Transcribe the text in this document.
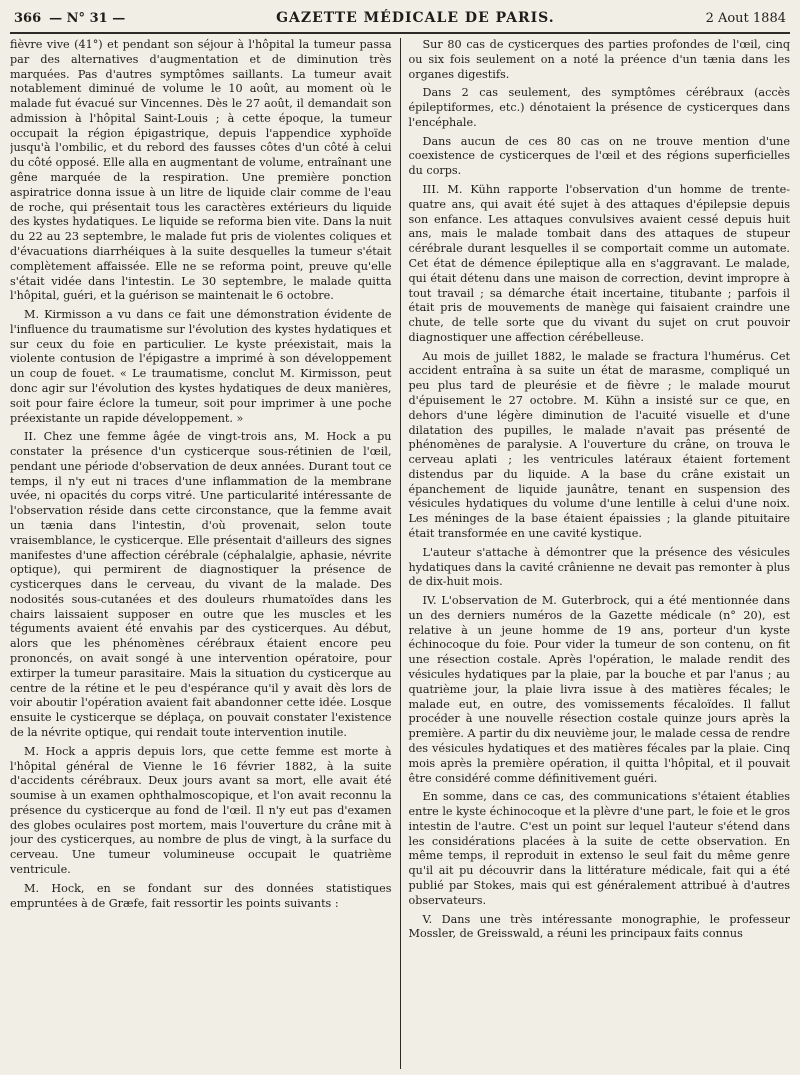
366 — N° 31 —	GAZETTE MÉDICALE DE PARIS.	2 Aout 1884

fièvre vive (41°) et pendant son séjour à l'hôpital la tumeur passa par des alternatives d'augmentation et de diminution très marquées. Pas d'autres symptômes saillants. La tumeur avait notablement diminué de volume le 10 août, au moment où le malade fut évacué sur Vincennes. Dès le 27 août, il demandait son admission à l'hôpital Saint-Louis ; à cette époque, la tumeur occupait la région épigastrique, depuis l'appendice xyphoïde jusqu'à l'ombilic, et du rebord des fausses côtes d'un côté à celui du côté opposé. Elle alla en augmentant de volume, entraînant une gêne marquée de la respiration. Une première ponction aspiratrice donna issue à un litre de liquide clair comme de l'eau de roche, qui présentait tous les caractères extérieurs du liquide des kystes hydatiques. Le liquide se reforma bien vite. Dans la nuit du 22 au 23 septembre, le malade fut pris de violentes coliques et d'évacuations diarrhéiques à la suite desquelles la tumeur s'était complètement affaissée. Elle ne se reforma point, preuve qu'elle s'était vidée dans l'intestin. Le 30 septembre, le malade quitta l'hôpital, guéri, et la guérison se maintenait le 6 octobre.

M. Kirmisson a vu dans ce fait une démonstration évidente de l'influence du traumatisme sur l'évolution des kystes hydatiques et sur ceux du foie en particulier. Le kyste préexistait, mais la violente contusion de l'épigastre a imprimé à son développement un coup de fouet. « Le traumatisme, conclut M. Kirmisson, peut donc agir sur l'évolution des kystes hydatiques de deux manières, soit pour faire éclore la tumeur, soit pour imprimer à une poche préexistante un rapide développement. »

II. Chez une femme âgée de vingt-trois ans, M. Hock a pu constater la présence d'un cysticerque sous-rétinien de l'œil, pendant une période d'observation de deux années. Durant tout ce temps, il n'y eut ni traces d'une inflammation de la membrane uvée, ni opacités du corps vitré. Une particularité intéressante de l'observation réside dans cette circonstance, que la femme avait un tænia dans l'intestin, d'où provenait, selon toute vraisemblance, le cysticerque. Elle présentait d'ailleurs des signes manifestes d'une affection cérébrale (céphalalgie, aphasie, névrite optique), qui permirent de diagnostiquer la présence de cysticerques dans le cerveau, du vivant de la malade. Des nodosités sous-cutanées et des douleurs rhumatoïdes dans les chairs laissaient supposer en outre que les muscles et les téguments avaient été envahis par des cysticerques. Au début, alors que les phénomènes cérébraux étaient encore peu prononcés, on avait songé à une intervention opératoire, pour extirper la tumeur parasitaire. Mais la situation du cysticerque au centre de la rétine et le peu d'espérance qu'il y avait dès lors de voir aboutir l'opération avaient fait abandonner cette idée. Losque ensuite le cysticerque se déplaça, on pouvait constater l'existence de la névrite optique, qui rendait toute intervention inutile.

M. Hock a appris depuis lors, que cette femme est morte à l'hôpital général de Vienne le 16 février 1882, à la suite d'accidents cérébraux. Deux jours avant sa mort, elle avait été soumise à un examen ophthalmoscopique, et l'on avait reconnu la présence du cysticerque au fond de l'œil. Il n'y eut pas d'examen des globes oculaires post mortem, mais l'ouverture du crâne mit à jour des cysticerques, au nombre de plus de vingt, à la surface du cerveau. Une tumeur volumineuse occupait le quatrième ventricule.

M. Hock, en se fondant sur des données statistiques empruntées à de Græfe, fait ressortir les points suivants :

Sur 80 cas de cysticerques des parties profondes de l'œil, cinq ou six fois seulement on a noté la préence d'un tænia dans les organes digestifs.

Dans 2 cas seulement, des symptômes cérébraux (accès épileptiformes, etc.) dénotaient la présence de cysticerques dans l'encéphale.

Dans aucun de ces 80 cas on ne trouve mention d'une coexistence de cysticerques de l'œil et des régions superficielles du corps.

III. M. Kühn rapporte l'observation d'un homme de trente-quatre ans, qui avait été sujet à des attaques d'épilepsie depuis son enfance. Les attaques convulsives avaient cessé depuis huit ans, mais le malade tombait dans des attaques de stupeur cérébrale durant lesquelles il se comportait comme un automate. Cet état de démence épileptique alla en s'aggravant. Le malade, qui était détenu dans une maison de correction, devint impropre à tout travail ; sa démarche était incertaine, titubante ; parfois il était pris de mouvements de manège qui faisaient craindre une chute, de telle sorte que du vivant du sujet on crut pouvoir diagnostiquer une affection cérébelleuse.

Au mois de juillet 1882, le malade se fractura l'humérus. Cet accident entraîna à sa suite un état de marasme, compliqué un peu plus tard de pleurésie et de fièvre ; le malade mourut d'épuisement le 27 octobre. M. Kühn a insisté sur ce que, en dehors d'une légère diminution de l'acuité visuelle et d'une dilatation des pupilles, le malade n'avait pas présenté de phénomènes de paralysie. A l'ouverture du crâne, on trouva le cerveau aplati ; les ventricules latéraux étaient fortement distendus par du liquide. A la base du crâne existait un épanchement de liquide jaunâtre, tenant en suspension des vésicules hydatiques du volume d'une lentille à celui d'une noix. Les méninges de la base étaient épaissies ; la glande pituitaire était transformée en une cavité kystique.

L'auteur s'attache à démontrer que la présence des vésicules hydatiques dans la cavité crânienne ne devait pas remonter à plus de dix-huit mois.

IV. L'observation de M. Guterbrock, qui a été mentionnée dans un des derniers numéros de la Gazette médicale (n° 20), est relative à un jeune homme de 19 ans, porteur d'un kyste échinocoque du foie. Pour vider la tumeur de son contenu, on fit une résection costale. Après l'opération, le malade rendit des vésicules hydatiques par la plaie, par la bouche et par l'anus ; au quatrième jour, la plaie livra issue à des matières fécales; le malade eut, en outre, des vomissements fécaloïdes. Il fallut procéder à une nouvelle résection costale quinze jours après la première. A partir du dix neuvième jour, le malade cessa de rendre des vésicules hydatiques et des matières fécales par la plaie. Cinq mois après la première opération, il quitta l'hôpital, et il pouvait être considéré comme définitivement guéri.

En somme, dans ce cas, des communications s'étaient établies entre le kyste échinocoque et la plèvre d'une part, le foie et le gros intestin de l'autre. C'est un point sur lequel l'auteur s'étend dans les considérations placées à la suite de cette observation. En même temps, il reproduit in extenso le seul fait du même genre qu'il ait pu découvrir dans la littérature médicale, fait qui a été publié par Stokes, mais qui est généralement attribué à d'autres observateurs.

V. Dans une très intéressante monographie, le professeur Mossler, de Greisswald, a réuni les principaux faits connus
